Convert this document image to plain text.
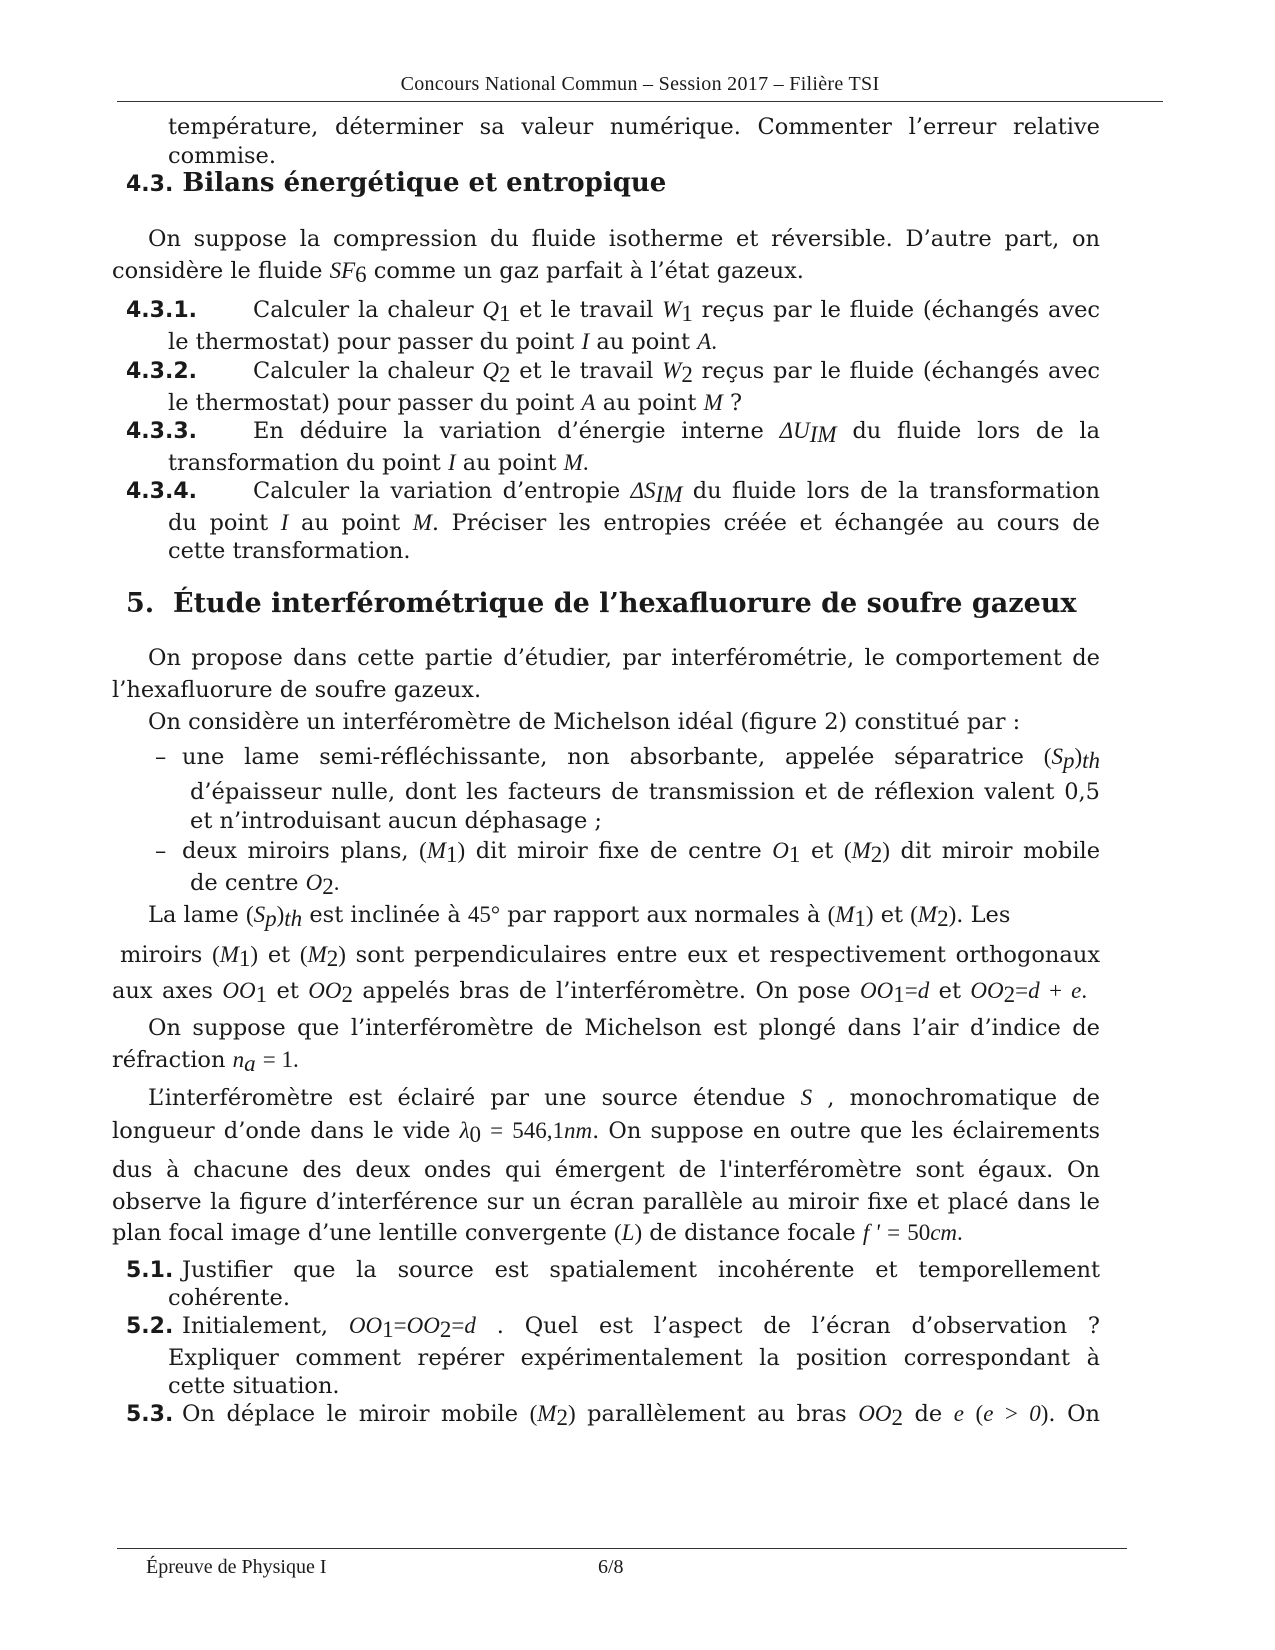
Concours National Commun – Session 2017 – Filière TSI
température, déterminer sa valeur numérique. Commenter l’erreur relative
commise.
4.3. Bilans énergétique et entropique
On suppose la compression du fluide isotherme et réversible. D’autre part, on
considère le fluide $SF_6$ comme un gaz parfait à l’état gazeux.
4.3.1. Calculer la chaleur $Q_1$ et le travail $W_1$ reçus par le fluide (échangés avec
le thermostat) pour passer du point I au point A.
4.3.2. Calculer la chaleur $Q_2$ et le travail $W_2$ reçus par le fluide (échangés avec
le thermostat) pour passer du point A au point M ?
4.3.3. En déduire la variation d’énergie interne $\Delta U_{IM}$ du fluide lors de la
transformation du point I au point M.
4.3.4. Calculer la variation d’entropie $\Delta S_{IM}$ du fluide lors de la transformation
du point I au point M. Préciser les entropies créée et échangée au cours de
cette transformation.
5. Étude interférométrique de l’hexafluorure de soufre gazeux
On propose dans cette partie d’étudier, par interférométrie, le comportement de
l’hexafluorure de soufre gazeux.
On considère un interféromètre de Michelson idéal (figure 2) constitué par :
– une lame semi-réfléchissante, non absorbante, appelée séparatrice $(S_p)_{th}$
d’épaisseur nulle, dont les facteurs de transmission et de réflexion valent 0,5
et n’introduisant aucun déphasage ;
– deux miroirs plans, $(M_1)$ dit miroir fixe de centre $O_1$ et $(M_2)$ dit miroir mobile
de centre $O_2$.
La lame $(S_p)_{th}$ est inclinée à 45° par rapport aux normales à $(M_1)$ et $(M_2)$. Les
miroirs $(M_1)$ et $(M_2)$ sont perpendiculaires entre eux et respectivement orthogonaux
aux axes $OO_1$ et $OO_2$ appelés bras de l’interféromètre. On pose $OO_1=d$ et $OO_2=d + e$.
On suppose que l’interféromètre de Michelson est plongé dans l’air d’indice de
réfraction $n_a = 1$.
L’interféromètre est éclairé par une source étendue S , monochromatique de
longueur d’onde dans le vide $\lambda_0 = 546,1nm$. On suppose en outre que les éclairements
dus à chacune des deux ondes qui émergent de l'interféromètre sont égaux. On
observe la figure d’interférence sur un écran parallèle au miroir fixe et placé dans le
plan focal image d’une lentille convergente (L) de distance focale f ' = 50cm.
5.1. Justifier que la source est spatialement incohérente et temporellement
cohérente.
5.2. Initialement, $OO_1=OO_2=d$ . Quel est l’aspect de l’écran d’observation ?
Expliquer comment repérer expérimentalement la position correspondant à
cette situation.
5.3. On déplace le miroir mobile $(M_2)$ parallèlement au bras $OO_2$ de e (e > 0). On
Épreuve de Physique I	6/8
